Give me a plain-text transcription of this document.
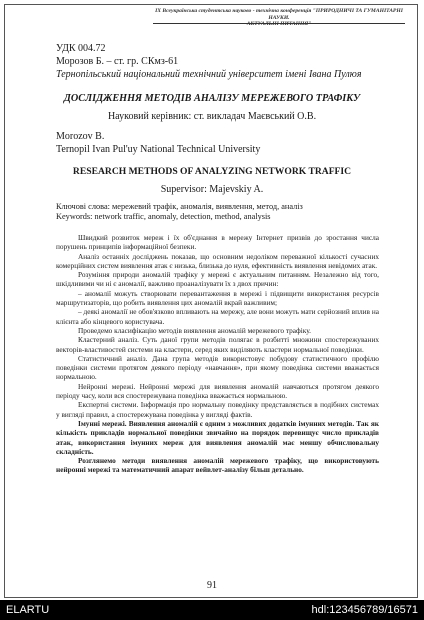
IX Всеукраїнська студентська науково - технічна конференція "ПРИРОДНИЧІ ТА ГУМАНІТАРНІ НАУКИ.
АКТУАЛЬНІ ПИТАННЯ"
УДК 004.72
Морозов Б. – ст. гр. СКмз-61
Тернопільський національний технічний університет імені Івана Пулюя
ДОСЛІДЖЕННЯ МЕТОДІВ АНАЛІЗУ МЕРЕЖЕВОГО ТРАФІКУ
Науковий керівник: ст. викладач Маєвський О.В.
Morozov B.
Ternopil Ivan Pul'uy National Technical University
RESEARCH METHODS OF ANALYZING NETWORK TRAFFIC
Supervisor: Majevskiy A.
Ключові слова: мережевий трафік, аномалія, виявлення, метод, аналіз
Keywords: network traffic, anomaly, detection, method, analysis

Швидкий розвиток мереж і їх об'єднання в мережу Інтернет призвів до зростання числа порушень принципів інформаційної безпеки.

Аналіз останніх досліджень показав, що основним недоліком переважної кількості сучасних комерційних систем виявлення атак є низька, близька до нуля, ефективність виявлення невідомих атак.

Розуміння природи аномалій трафіку у мережі є актуальним питанням. Незалежно від того, шкідливими чи ні є аномалії, важливо проаналізувати їх з двох причин:

– аномалії можуть створювати перевантаження в мережі і підвищити використання ресурсів маршрутизаторів, що робить виявлення цих аномалій вкрай важливим;

– деякі аномалії не обов'язково впливають на мережу, але вони можуть мати серйозний вплив на клієнта або кінцевого користувача.

Проведемо класифікацію методів виявлення аномалій мережевого трафіку.

Кластерний аналіз. Суть даної групи методів полягає в розбитті множини спостережуваних векторів-властивостей системи на кластери, серед яких виділяють кластери нормальної поведінки.

Статистичний аналіз. Дана група методів використовує побудову статистичного профілю поведінки системи протягом деякого періоду «навчання», при якому поведінка системи вважається нормальною.

Нейронні мережі. Нейронні мережі для виявлення аномалій навчаються протягом деякого періоду часу, коли вся спостережувана поведінка вважається нормальною.

Експертні системи. Інформація про нормальну поведінку представляється в подібних системах у вигляді правил, а спостережувана поведінка у вигляді фактів.

Імунні мережі. Виявлення аномалій є одним з можливих додатків імунних методів. Так як кількість прикладів нормальної поведінки звичайно на порядок перевищує число прикладів атак, використання імунних мереж для виявлення аномалій має меншу обчислювальну складність.

Розглянемо методи виявлення аномалій мережевого трафіку, що використовують нейронні мережі та математичний апарат вейвлет-аналізу більш детально.

91
ELARTU	hdl:123456789/16571
